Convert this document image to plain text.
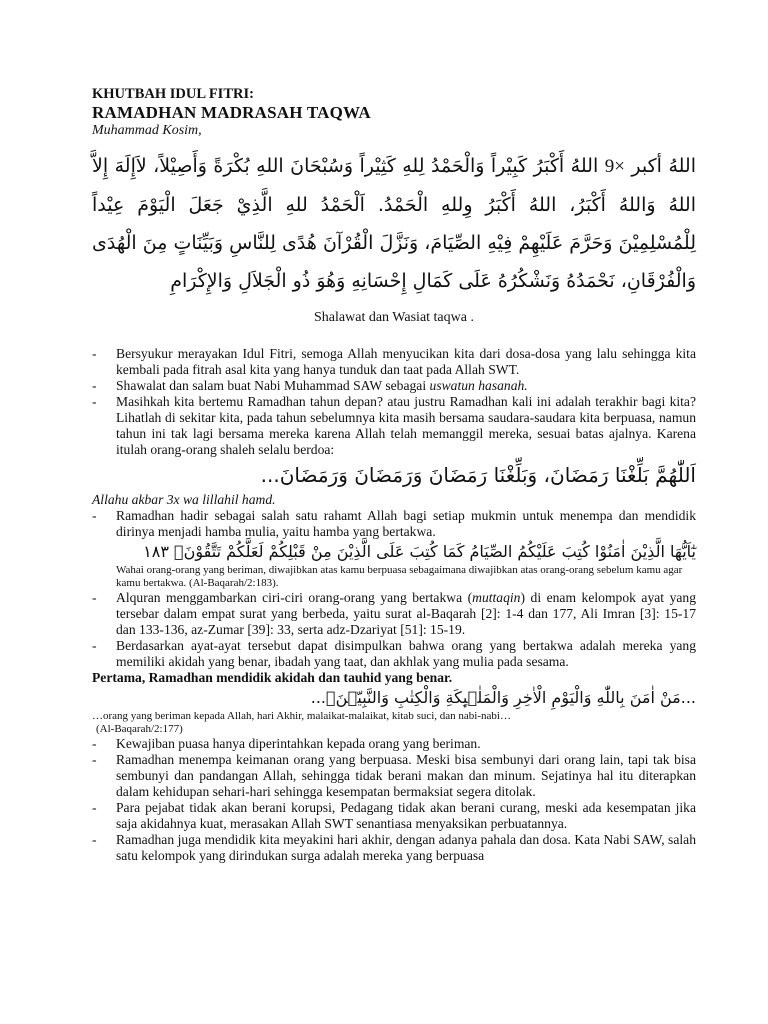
KHUTBAH IDUL FITRI:
RAMADHAN MADRASAH TAQWA
Muhammad Kosim,
اللهُ أكبر 9× اللهُ أَكْبَرُ كَبِيْراً وَالْحَمْدُ لِلهِ كَثِيْراً وَسُبْحَانَ اللهِ بُكْرَةً وَأَصِيْلاً، لاَإِلَهَ إِلاَّ اللهُ وَاللهُ أَكْبَرُ، اللهُ أَكْبَرُ وِللهِ الْحَمْدُ. اَلْحَمْدُ للهِ الَّذِيْ جَعَلَ الْيَوْمَ عِيْداً لِلْمُسْلِمِيْنَ وَحَرَّمَ عَلَيْهِمْ فِيْهِ الصِّيَامَ، وَنَزَّلَ الْقُرْآنَ هُدًى لِلنَّاسِ وَبَيِّنَاتٍ مِنَ الْهُدَى وَالْفُرْقَانِ، نَحْمَدُهُ وَنَشْكُرُهُ عَلَى كَمَالِ إِحْسَانِهِ وَهُوَ ذُو الْجَلاَلِ وَالإِكْرَامِ
Shalawat dan Wasiat taqwa .
-	Bersyukur merayakan Idul Fitri, semoga Allah menyucikan kita dari dosa-dosa yang lalu sehingga kita kembali pada fitrah asal kita yang hanya tunduk dan taat pada Allah SWT.
-	Shawalat dan salam buat Nabi Muhammad SAW sebagai uswatun hasanah.
-	Masihkah kita bertemu Ramadhan tahun depan? atau justru Ramadhan kali ini adalah terakhir bagi kita? Lihatlah di sekitar kita, pada tahun sebelumnya kita masih bersama saudara-saudara kita berpuasa, namun tahun ini tak lagi bersama mereka karena Allah telah memanggil mereka, sesuai batas ajalnya. Karena itulah orang-orang shaleh selalu berdoa:
اَللّٰهُمَّ بَلِّغْنَا رَمَضَانَ، وَبَلِّغْنَا رَمَضَانَ وَرَمَضَانَ وَرَمَضَانَ...
Allahu akbar 3x wa lillahil hamd.
-	Ramadhan hadir sebagai salah satu rahamt Allah bagi setiap mukmin untuk menempa dan mendidik dirinya menjadi hamba mulia, yaitu hamba yang bertakwa.
يٰٓاَيُّهَا الَّذِيْنَ اٰمَنُوْا كُتِبَ عَلَيْكُمُ الصِّيَامُ كَمَا كُتِبَ عَلَى الَّذِيْنَ مِنْ قَبْلِكُمْ لَعَلَّكُمْ تَتَّقُوْنَۙ ١٨٣
Wahai orang-orang yang beriman, diwajibkan atas kamu berpuasa sebagaimana diwajibkan atas orang-orang sebelum kamu agar kamu bertakwa. (Al-Baqarah/2:183).
-	Alquran menggambarkan ciri-ciri orang-orang yang bertakwa (muttaqin) di enam kelompok ayat yang tersebar dalam empat surat yang berbeda, yaitu surat al-Baqarah [2]: 1-4 dan 177, Ali Imran [3]: 15-17 dan 133-136, az-Zumar [39]: 33, serta adz-Dzariyat [51]: 15-19.
-	Berdasarkan ayat-ayat tersebut dapat disimpulkan bahwa orang yang bertakwa adalah mereka yang memiliki akidah yang benar, ibadah yang taat, dan akhlak yang mulia pada sesama.
Pertama, Ramadhan mendidik akidah dan tauhid yang benar.
...مَنْ اٰمَنَ بِاللّٰهِ وَالْيَوْمِ الْاٰخِرِ وَالْمَلٰۤىِٕكَةِ وَالْكِتٰبِ وَالنَّبِيّٖنَۚ...
…orang yang beriman kepada Allah, hari Akhir, malaikat-malaikat, kitab suci, dan nabi-nabi…
(Al-Baqarah/2:177)
-	Kewajiban puasa hanya diperintahkan kepada orang yang beriman.
-	Ramadhan menempa keimanan orang yang berpuasa. Meski bisa sembunyi dari orang lain, tapi tak bisa sembunyi dan pandangan Allah, sehingga tidak berani makan dan minum. Sejatinya hal itu diterapkan dalam kehidupan sehari-hari sehingga kesempatan bermaksiat segera ditolak.
-	Para pejabat tidak akan berani korupsi, Pedagang tidak akan berani curang, meski ada kesempatan jika saja akidahnya kuat, merasakan Allah SWT senantiasa menyaksikan perbuatannya.
-	Ramadhan juga mendidik kita meyakini hari akhir, dengan adanya pahala dan dosa. Kata Nabi SAW, salah satu kelompok yang dirindukan surga adalah mereka yang berpuasa
